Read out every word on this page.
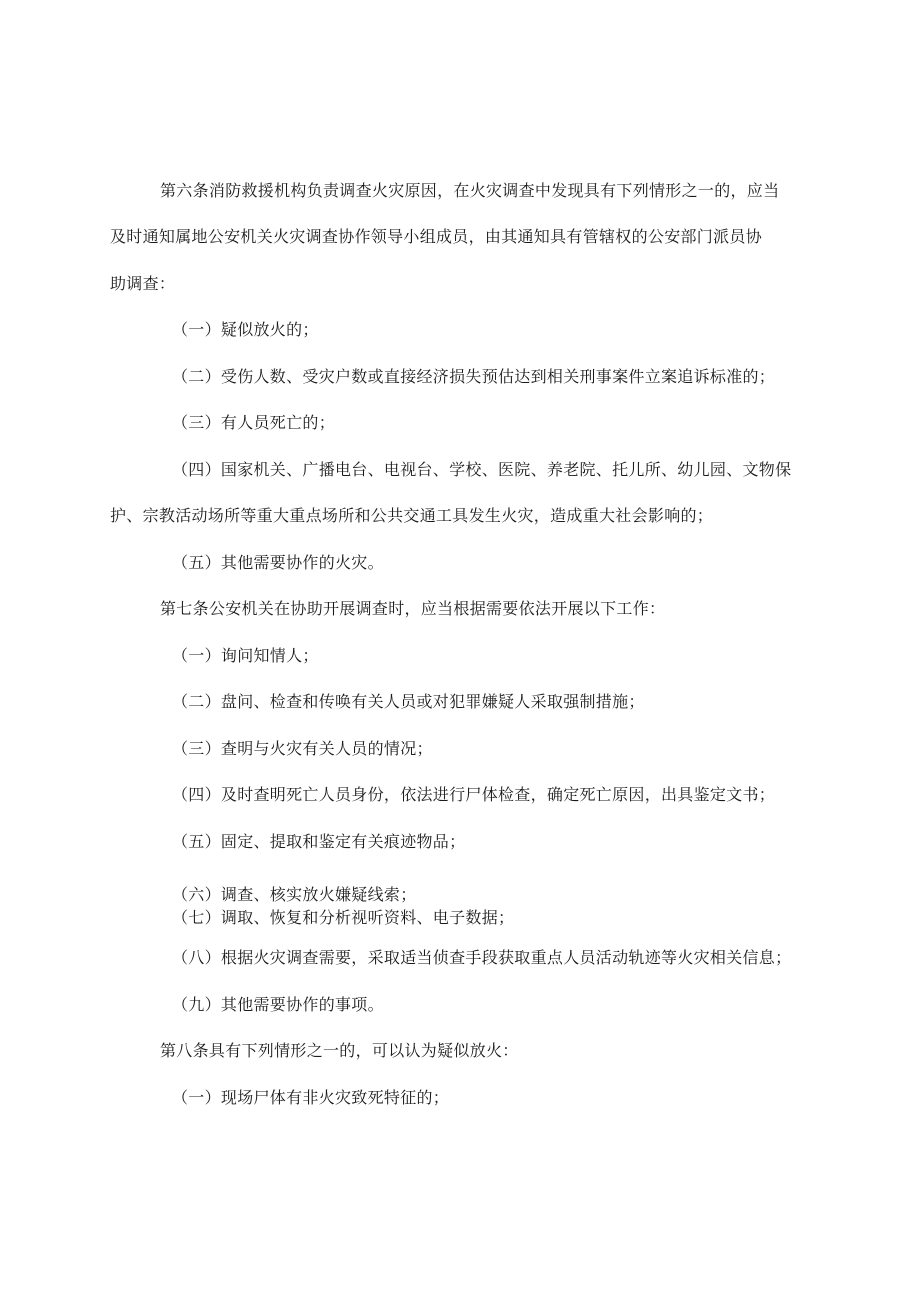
第六条消防救援机构负责调查火灾原因，在火灾调查中发现具有下列情形之一的，应当
及时通知属地公安机关火灾调查协作领导小组成员，由其通知具有管辖权的公安部门派员协
助调查：
（一）疑似放火的；
（二）受伤人数、受灾户数或直接经济损失预估达到相关刑事案件立案追诉标准的；
（三）有人员死亡的；
（四）国家机关、广播电台、电视台、学校、医院、养老院、托儿所、幼儿园、文物保
护、宗教活动场所等重大重点场所和公共交通工具发生火灾，造成重大社会影响的；
（五）其他需要协作的火灾。
第七条公安机关在协助开展调查时，应当根据需要依法开展以下工作：
（一）询问知情人；
（二）盘问、检查和传唤有关人员或对犯罪嫌疑人采取强制措施；
（三）查明与火灾有关人员的情况；
（四）及时查明死亡人员身份，依法进行尸体检查，确定死亡原因，出具鉴定文书；
（五）固定、提取和鉴定有关痕迹物品；
（六）调查、核实放火嫌疑线索；
（七）调取、恢复和分析视听资料、电子数据；
（八）根据火灾调查需要，采取适当侦查手段获取重点人员活动轨迹等火灾相关信息；
（九）其他需要协作的事项。
第八条具有下列情形之一的，可以认为疑似放火：
（一）现场尸体有非火灾致死特征的；
